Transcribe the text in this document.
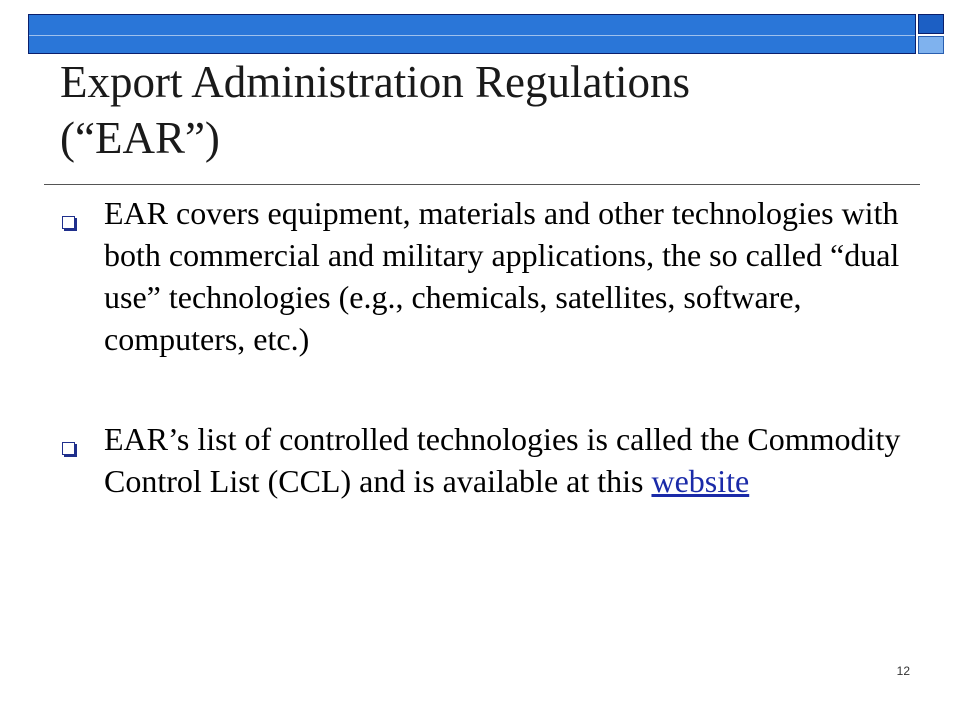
Export Administration Regulations
(“EAR”)
EAR covers equipment, materials and other technologies with both commercial and military applications, the so called “dual use” technologies (e.g., chemicals, satellites, software, computers, etc.)
EAR’s list of controlled technologies is called the Commodity Control List (CCL) and is available at this website
12
